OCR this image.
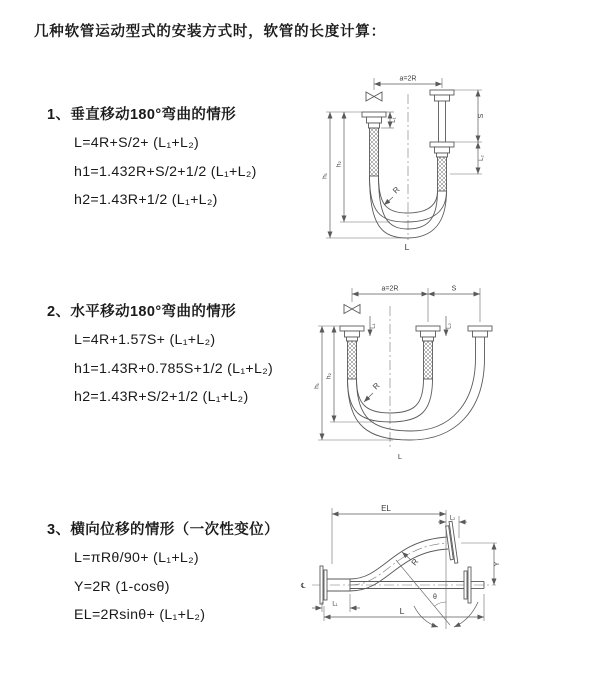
几种软管运动型式的安装方式时，软管的长度计算：
1、垂直移动180°弯曲的情形
L=4R+S/2+ (L₁+L₂)
h1=1.432R+S/2+1/2 (L₁+L₂)
h2=1.43R+1/2 (L₁+L₂)
2、水平移动180°弯曲的情形
L=4R+1.57S+ (L₁+L₂)
h1=1.43R+0.785S+1/2 (L₁+L₂)
h2=1.43R+S/2+1/2 (L₁+L₂)
3、横向位移的情形（一次性变位）
L=πRθ/90+ (L₁+L₂)
Y=2R (1-cosθ)
EL=2Rsinθ+ (L₁+L₂)
a=2R
L₁
S
L₂
h₂
h₁
R
L
a=2R	S
L₁	L₂
h₂
h₁	R
L
℄
EL
L₂
Y
θ
R
L₁
L
